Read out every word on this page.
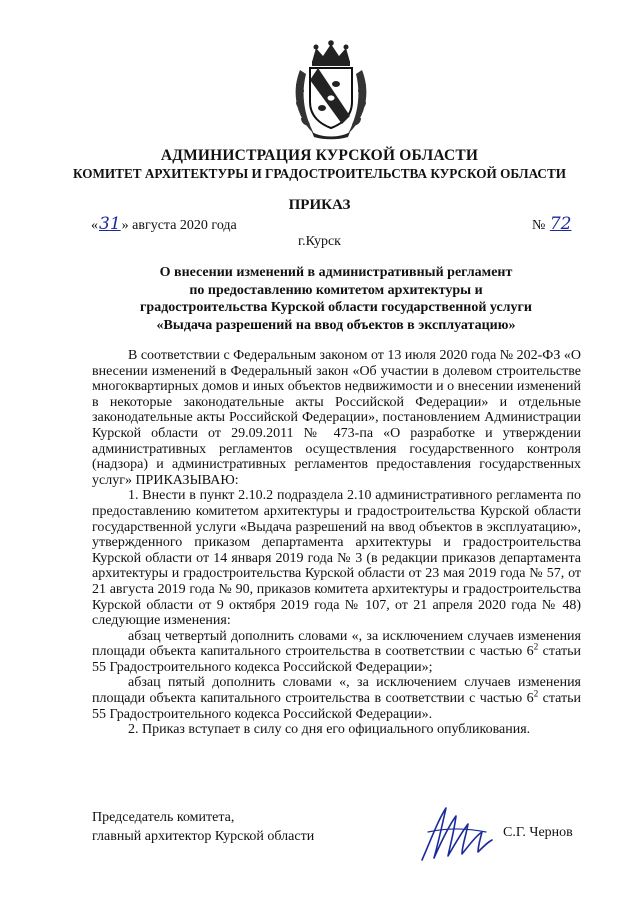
АДМИНИСТРАЦИЯ КУРСКОЙ ОБЛАСТИ
КОМИТЕТ АРХИТЕКТУРЫ И ГРАДОСТРОИТЕЛЬСТВА КУРСКОЙ ОБЛАСТИ
ПРИКАЗ
«31» августа 2020 года	№ 72
г.Курск
О внесении изменений в административный регламент
по предоставлению комитетом архитектуры и
градостроительства Курской области государственной услуги
«Выдача разрешений на ввод объектов в эксплуатацию»

В соответствии с Федеральным законом от 13 июля 2020 года № 202-ФЗ «О внесении изменений в Федеральный закон «Об участии в долевом строительстве многоквартирных домов и иных объектов недвижимости и о внесении изменений в некоторые законодательные акты Российской Федерации» и отдельные законодательные акты Российской Федерации», постановлением Администрации Курской области от 29.09.2011 № 473-па «О разработке и утверждении административных регламентов осуществления государственного контроля (надзора) и административных регламентов предоставления государственных услуг» ПРИКАЗЫВАЮ:

1. Внести в пункт 2.10.2 подраздела 2.10 административного регламента по предоставлению комитетом архитектуры и градостроительства Курской области государственной услуги «Выдача разрешений на ввод объектов в эксплуатацию», утвержденного приказом департамента архитектуры и градостроительства Курской области от 14 января 2019 года № 3 (в редакции приказов департамента архитектуры и градостроительства Курской области от 23 мая 2019 года № 57, от 21 августа 2019 года № 90, приказов комитета архитектуры и градостроительства Курской области от 9 октября 2019 года № 107, от 21 апреля 2020 года № 48) следующие изменения:

абзац четвертый дополнить словами «, за исключением случаев изменения площади объекта капитального строительства в соответствии с частью $6^2$ статьи 55 Градостроительного кодекса Российской Федерации»;

абзац пятый дополнить словами «, за исключением случаев изменения площади объекта капитального строительства в соответствии с частью $6^2$ статьи 55 Градостроительного кодекса Российской Федерации».

2. Приказ вступает в силу со дня его официального опубликования.

Председатель комитета,
главный архитектор Курской области	С.Г. Чернов
